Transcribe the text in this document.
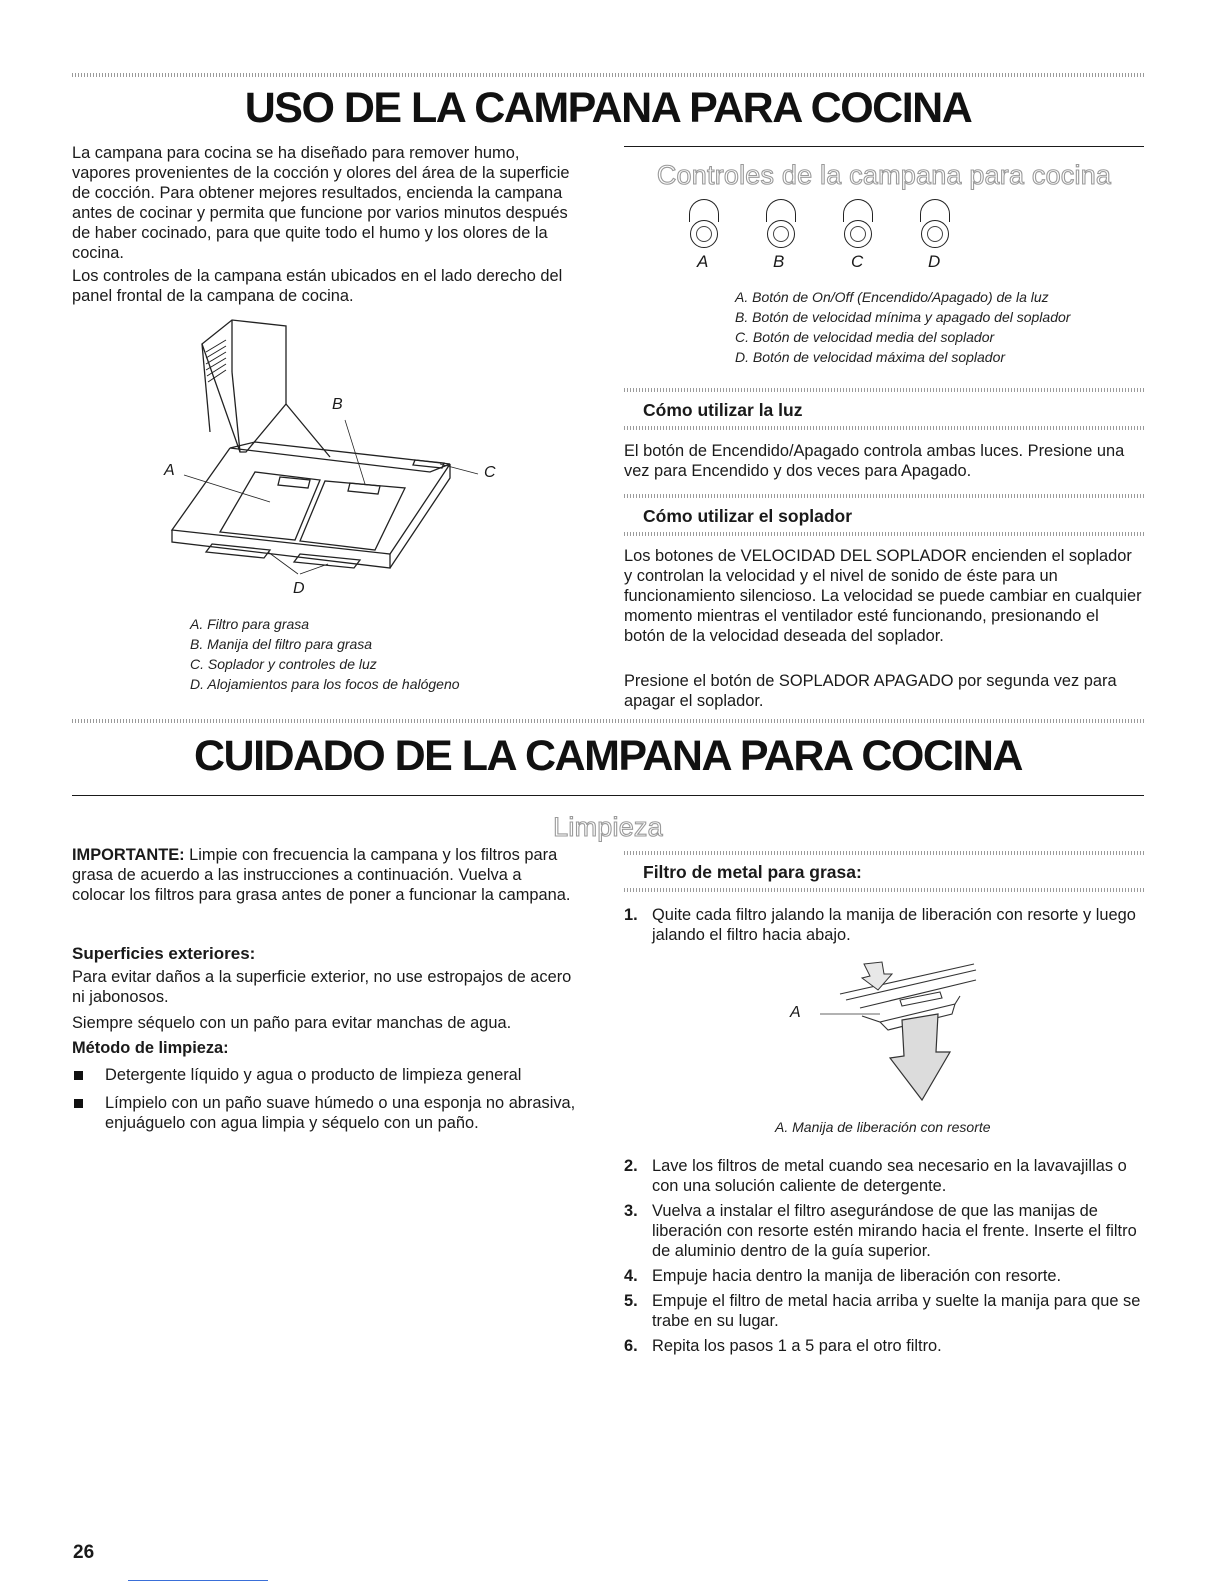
USO DE LA CAMPANA PARA COCINA

La campana para cocina se ha diseñado para remover humo, vapores provenientes de la cocción y olores del área de la superficie de cocción. Para obtener mejores resultados, encienda la campana antes de cocinar y permita que funcione por varios minutos después de haber cocinado, para que quite todo el humo y los olores de la cocina.

Los controles de la campana están ubicados en el lado derecho del panel frontal de la campana de cocina.

A
B
C
D

A. Filtro para grasa

B. Manija del filtro para grasa

C. Soplador y controles de luz

D. Alojamientos para los focos de halógeno

Controles de la campana para cocina
A	B	C	D

A. Botón de On/Off (Encendido/Apagado) de la luz

B. Botón de velocidad mínima y apagado del soplador

C. Botón de velocidad media del soplador

D. Botón de velocidad máxima del soplador

Cómo utilizar la luz

El botón de Encendido/Apagado controla ambas luces. Presione una vez para Encendido y dos veces para Apagado.

Cómo utilizar el soplador

Los botones de VELOCIDAD DEL SOPLADOR encienden el soplador y controlan la velocidad y el nivel de sonido de éste para un funcionamiento silencioso. La velocidad se puede cambiar en cualquier momento mientras el ventilador esté funcionando, presionando el botón de la velocidad deseada del soplador.

Presione el botón de SOPLADOR APAGADO por segunda vez para apagar el soplador.

CUIDADO DE LA CAMPANA PARA COCINA
Limpieza

IMPORTANTE: Limpie con frecuencia la campana y los filtros para grasa de acuerdo a las instrucciones a continuación. Vuelva a colocar los filtros para grasa antes de poner a funcionar la campana.

Superficies exteriores:

Para evitar daños a la superficie exterior, no use estropajos de acero ni jabonosos.

Siempre séquelo con un paño para evitar manchas de agua.

Método de limpieza:
Detergente líquido y agua o producto de limpieza general
Límpielo con un paño suave húmedo o una esponja no abrasiva, enjuáguelo con agua limpia y séquelo con un paño.
Filtro de metal para grasa:
1. Quite cada filtro jalando la manija de liberación con resorte y luego jalando el filtro hacia abajo.
A

A. Manija de liberación con resorte

2. Lave los filtros de metal cuando sea necesario en la lavavajillas o con una solución caliente de detergente.
3. Vuelva a instalar el filtro asegurándose de que las manijas de liberación con resorte estén mirando hacia el frente. Inserte el filtro de aluminio dentro de la guía superior.
4. Empuje hacia dentro la manija de liberación con resorte.
5. Empuje el filtro de metal hacia arriba y suelte la manija para que se trabe en su lugar.
6. Repita los pasos 1 a 5 para el otro filtro.
26
